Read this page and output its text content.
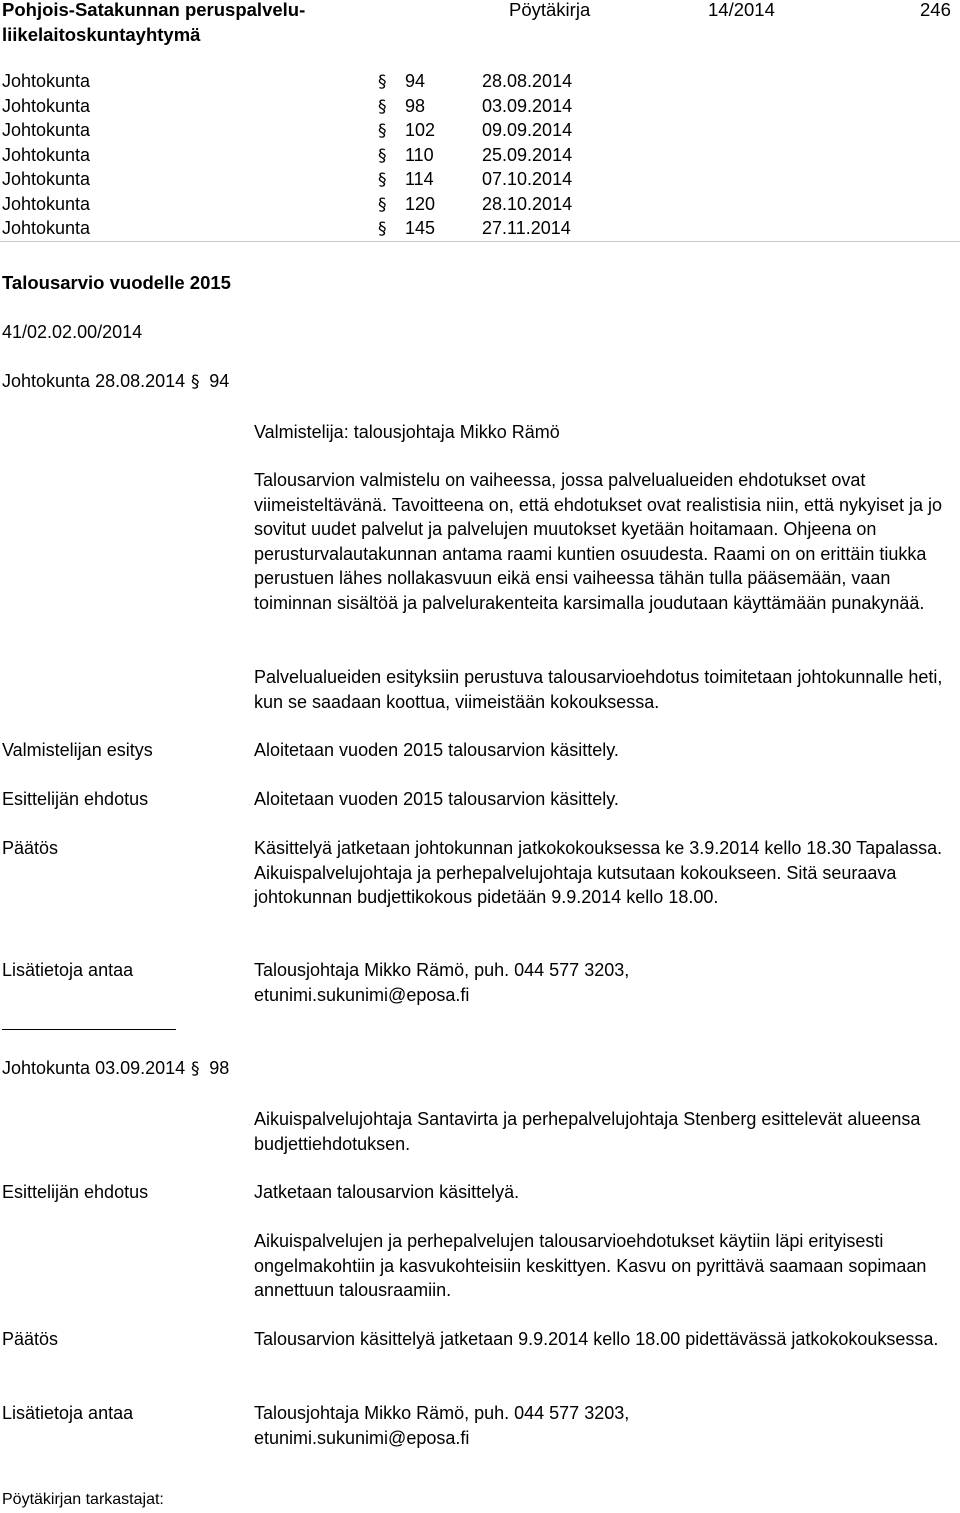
Pohjois-Satakunnan peruspalvelu-liikelaitoskuntayhtymä
Pöytäkirja	14/2014	246
Johtokunta	§ 94	28.08.2014
Johtokunta	§ 98	03.09.2014
Johtokunta	§ 102	09.09.2014
Johtokunta	§ 110	25.09.2014
Johtokunta	§ 114	07.10.2014
Johtokunta	§ 120	28.10.2014
Johtokunta	§ 145	27.11.2014
Talousarvio vuodelle 2015
41/02.02.00/2014
Johtokunta 28.08.2014 § 94

Valmistelija: talousjohtaja Mikko Rämö

Talousarvion valmistelu on vaiheessa, jossa palvelualueiden ehdotukset ovat viimeisteltävänä. Tavoitteena on, että ehdotukset ovat realistisia niin, että nykyiset ja jo sovitut uudet palvelut ja palvelujen muutokset kyetään hoitamaan. Ohjeena on perusturvalautakunnan antama raami kuntien osuudesta. Raami on on erittäin tiukka perustuen lähes nollakasvuun eikä ensi vaiheessa tähän tulla pääsemään, vaan toiminnan sisältöä ja palvelurakenteita karsimalla joudutaan käyttämään punakynää.

Palvelualueiden esityksiin perustuva talousarvioehdotus toimitetaan johtokunnalle heti, kun se saadaan koottua, viimeistään kokouksessa.

Valmistelijan esitys	Aloitetaan vuoden 2015 talousarvion käsittely.

Esittelijän ehdotus	Aloitetaan vuoden 2015 talousarvion käsittely.

Päätös	Käsittelyä jatketaan johtokunnan jatkokokouksessa ke 3.9.2014 kello 18.30 Tapalassa. Aikuispalvelujohtaja ja perhepalvelujohtaja kutsutaan kokoukseen. Sitä seuraava johtokunnan budjettikokous pidetään 9.9.2014 kello 18.00.

Lisätietoja antaa	Talousjohtaja Mikko Rämö, puh. 044 577 3203, etunimi.sukunimi@eposa.fi

Johtokunta 03.09.2014 § 98

Aikuispalvelujohtaja Santavirta ja perhepalvelujohtaja Stenberg esittelevät alueensa budjettiehdotuksen.

Esittelijän ehdotus	Jatketaan talousarvion käsittelyä.

Aikuispalvelujen ja perhepalvelujen talousarvioehdotukset käytiin läpi erityisesti ongelmakohtiin ja kasvukohteisiin keskittyen. Kasvu on pyrittävä saamaan sopimaan annettuun talousraamiin.

Päätös	Talousarvion käsittelyä jatketaan 9.9.2014 kello 18.00 pidettävässä jatkokokouksessa.

Lisätietoja antaa	Talousjohtaja Mikko Rämö, puh. 044 577 3203, etunimi.sukunimi@eposa.fi

Pöytäkirjan tarkastajat:
